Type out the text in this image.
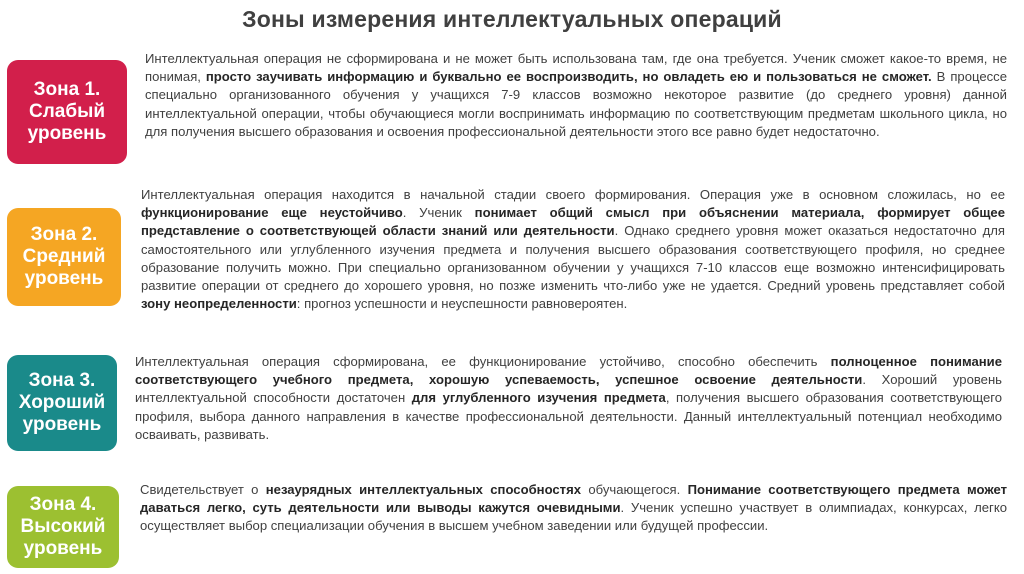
Зоны измерения интеллектуальных операций
Зона 1.
Слабый
уровень
Интеллектуальная операция не сформирована и не может быть использована там, где она требуется. Ученик сможет какое-то время, не понимая, просто заучивать информацию и буквально ее воспроизводить, но овладеть ею и пользоваться не сможет. В процессе специально организованного обучения у учащихся 7-9 классов возможно некоторое развитие (до среднего уровня) данной интеллектуальной операции, чтобы обучающиеся могли воспринимать информацию по соответствующим предметам школьного цикла, но для получения высшего образования и освоения профессиональной деятельности этого все равно будет недостаточно.
Зона 2.
Средний
уровень
Интеллектуальная операция находится в начальной стадии своего формирования. Операция уже в основном сложилась, но ее функционирование еще неустойчиво. Ученик понимает общий смысл при объяснении материала, формирует общее представление о соответствующей области знаний или деятельности. Однако среднего уровня может оказаться недостаточно для самостоятельного или углубленного изучения предмета и получения высшего образования соответствующего профиля, но среднее образование получить можно. При специально организованном обучении у учащихся 7-10 классов еще возможно интенсифицировать развитие операции от среднего до хорошего уровня, но позже изменить что-либо уже не удается. Средний уровень представляет собой зону неопределенности: прогноз успешности и неуспешности равновероятен.
Зона 3.
Хороший
уровень
Интеллектуальная операция сформирована, ее функционирование устойчиво, способно обеспечить полноценное понимание соответствующего учебного предмета, хорошую успеваемость, успешное освоение деятельности. Хороший уровень интеллектуальной способности достаточен для углубленного изучения предмета, получения высшего образования соответствующего профиля, выбора данного направления в качестве профессиональной деятельности. Данный интеллектуальный потенциал необходимо осваивать, развивать.
Зона 4.
Высокий
уровень
Свидетельствует о незаурядных интеллектуальных способностях обучающегося. Понимание соответствующего предмета может даваться легко, суть деятельности или выводы кажутся очевидными. Ученик успешно участвует в олимпиадах, конкурсах, легко осуществляет выбор специализации обучения в высшем учебном заведении или будущей профессии.
